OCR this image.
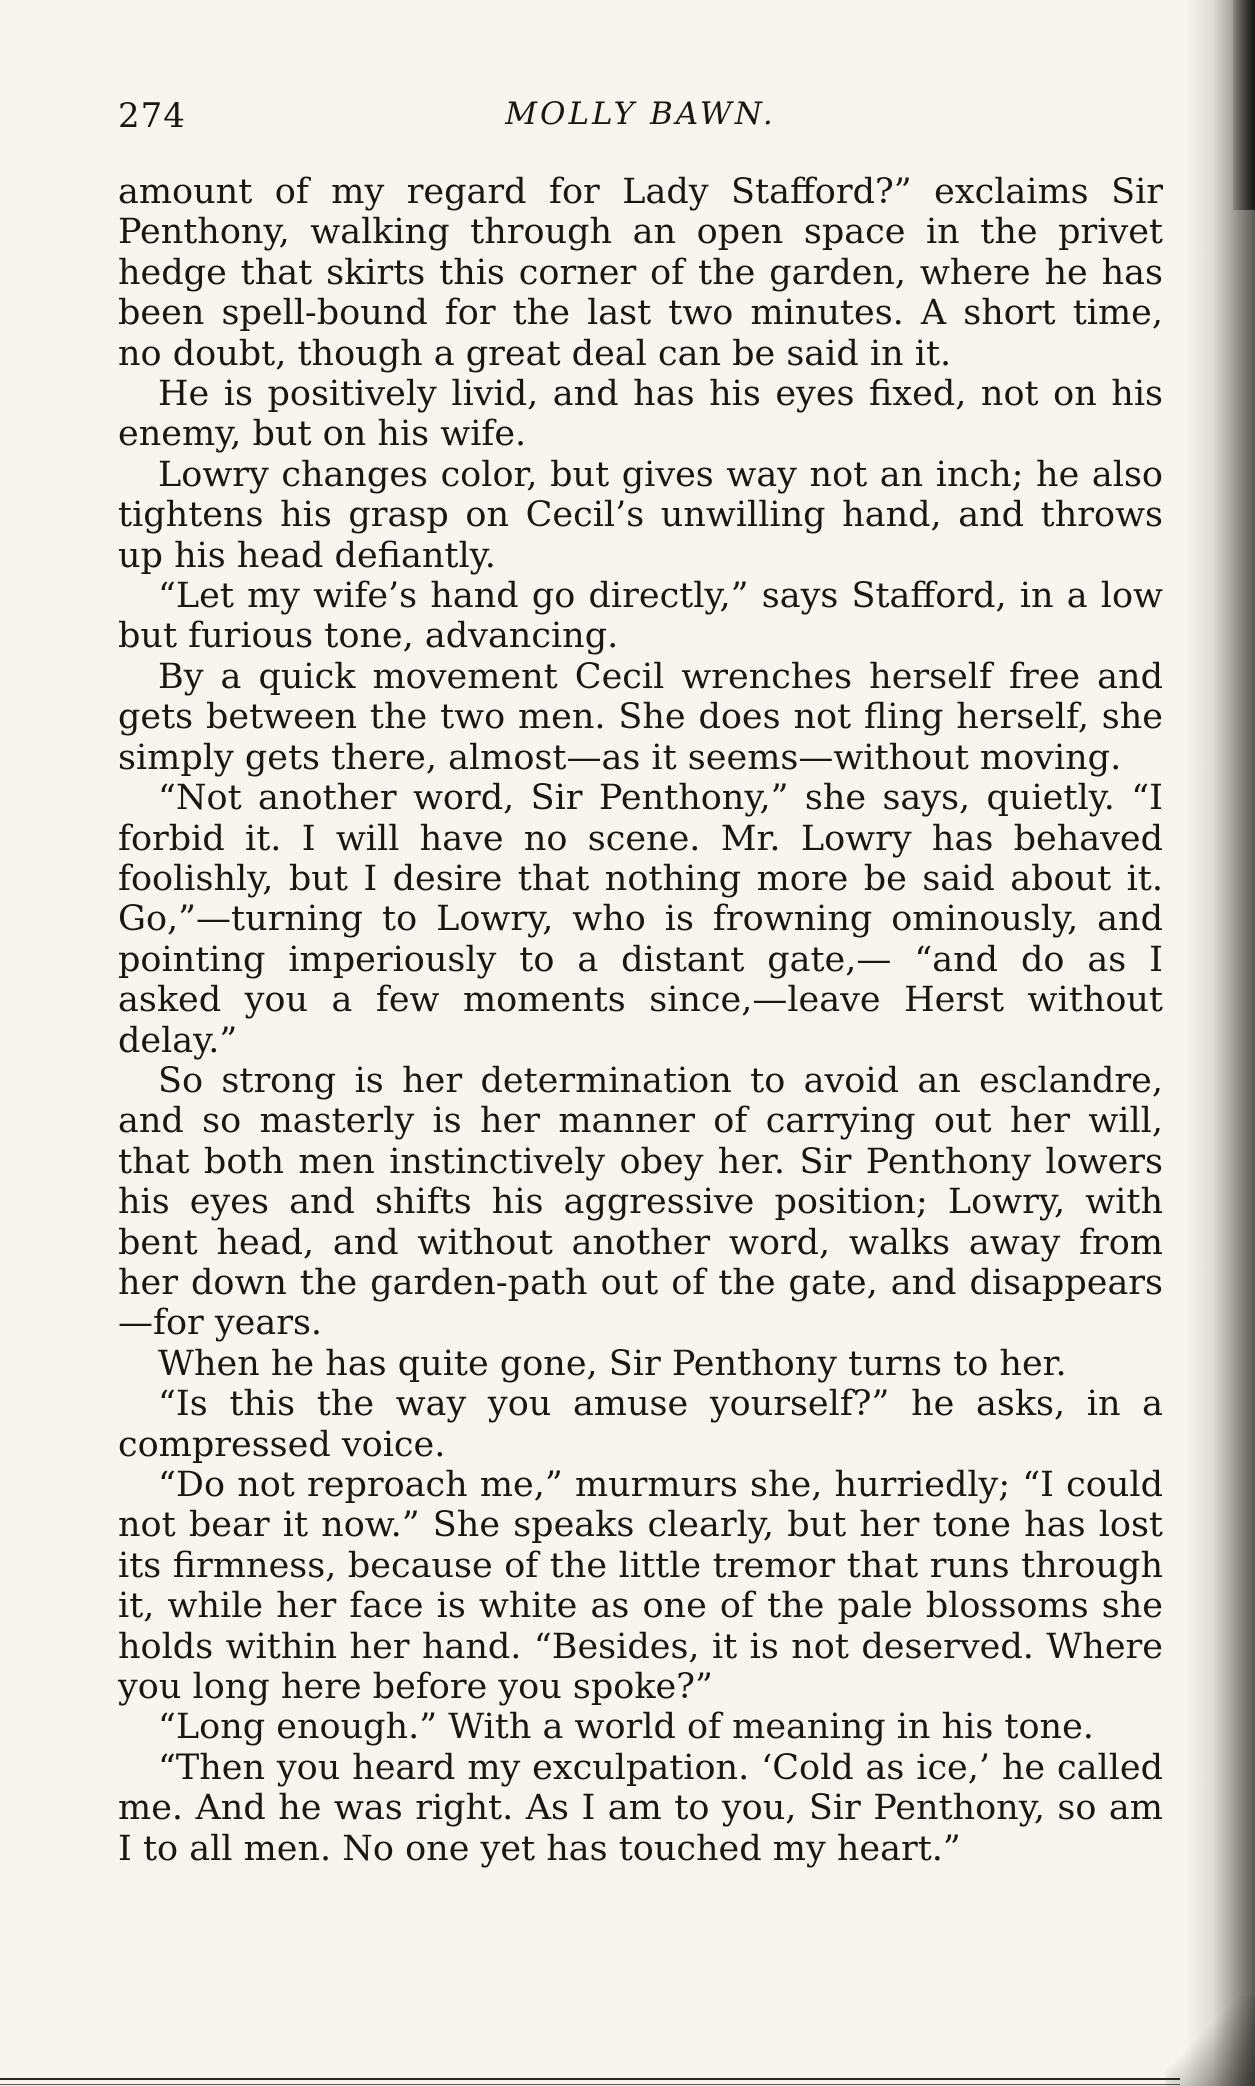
274	MOLLY BAWN.

amount of my regard for Lady Stafford?” exclaims Sir Penthony, walking through an open space in the privet hedge that skirts this corner of the garden, where he has been spell-bound for the last two minutes. A short time, no doubt, though a great deal can be said in it.

He is positively livid, and has his eyes fixed, not on his enemy, but on his wife.

Lowry changes color, but gives way not an inch; he also tightens his grasp on Cecil’s unwilling hand, and throws up his head defiantly.

“Let my wife’s hand go directly,” says Stafford, in a low but furious tone, advancing.

By a quick movement Cecil wrenches herself free and gets between the two men. She does not fling herself, she simply gets there, almost—as it seems—without moving.

“Not another word, Sir Penthony,” she says, quietly. “I forbid it. I will have no scene. Mr. Lowry has behaved foolishly, but I desire that nothing more be said about it. Go,”—turning to Lowry, who is frowning ominously, and pointing imperiously to a distant gate,— “and do as I asked you a few moments since,—leave Herst without delay.”

So strong is her determination to avoid an esclandre, and so masterly is her manner of carrying out her will, that both men instinctively obey her. Sir Penthony lowers his eyes and shifts his aggressive position; Lowry, with bent head, and without another word, walks away from her down the garden-path out of the gate, and disappears—for years.

When he has quite gone, Sir Penthony turns to her.

“Is this the way you amuse yourself?” he asks, in a compressed voice.

“Do not reproach me,” murmurs she, hurriedly; “I could not bear it now.” She speaks clearly, but her tone has lost its firmness, because of the little tremor that runs through it, while her face is white as one of the pale blossoms she holds within her hand. “Besides, it is not deserved. Where you long here before you spoke?”

“Long enough.” With a world of meaning in his tone.

“Then you heard my exculpation. ‘Cold as ice,’ he called me. And he was right. As I am to you, Sir Penthony, so am I to all men. No one yet has touched my heart.”
